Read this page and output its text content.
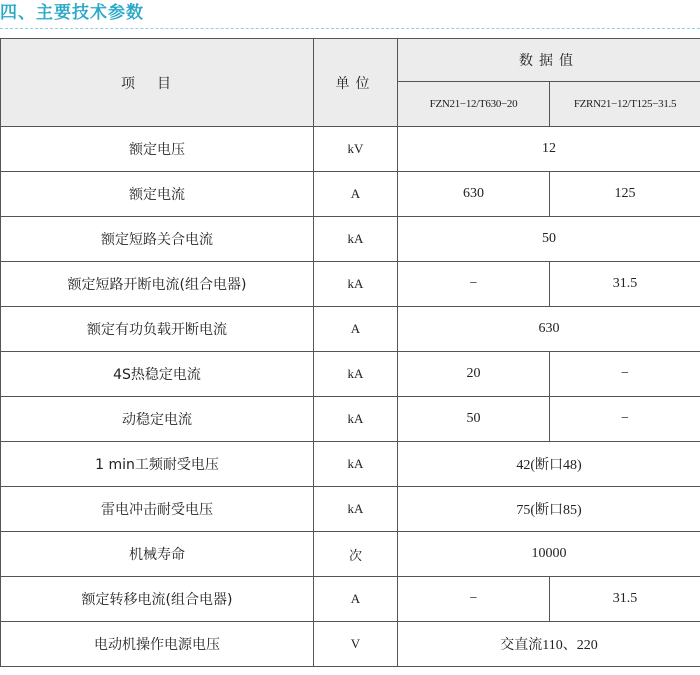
四、主要技术参数
项目	单位	数据值	
		FZN21−12/T630−20	FZRN21−12/T125−31.5
额定电压	kV	12	
额定电流	A	630	125
额定短路关合电流	kA	50	
额定短路开断电流(组合电器)	kA	−	31.5
额定有功负载开断电流	A	630	
4S热稳定电流	kA	20	−
动稳定电流	kA	50	−
1 min工频耐受电压	kA	42(断口48)	
雷电冲击耐受电压	kA	75(断口85)	
机械寿命	次	10000	
额定转移电流(组合电器)	A	−	31.5
电动机操作电源电压	V	交直流110、220	
